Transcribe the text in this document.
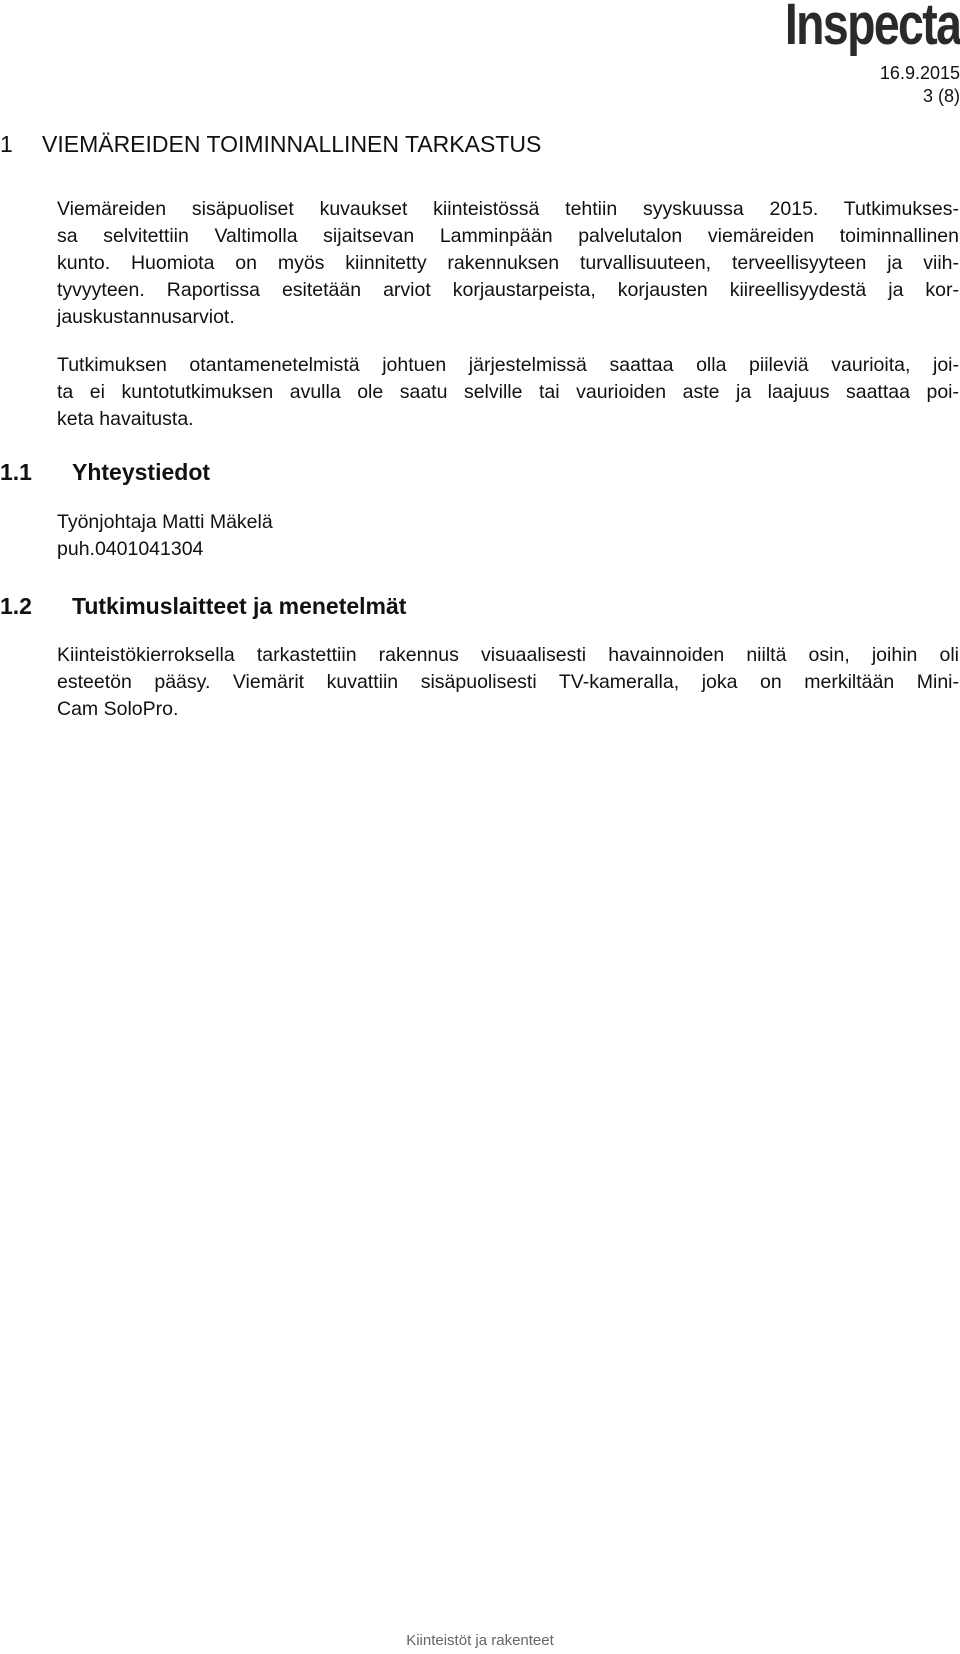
Inspecta
16.9.2015
3 (8)
1	VIEMÄREIDEN TOIMINNALLINEN TARKASTUS

Viemäreiden sisäpuoliset kuvaukset kiinteistössä tehtiin syyskuussa 2015. Tutkimukses-
sa selvitettiin Valtimolla sijaitsevan Lamminpään palvelutalon viemäreiden toiminnallinen
kunto. Huomiota on myös kiinnitetty rakennuksen turvallisuuteen, terveellisyyteen ja viih-
tyvyyteen. Raportissa esitetään arviot korjaustarpeista, korjausten kiireellisyydestä ja kor-
jauskustannusarviot.

Tutkimuksen otantamenetelmistä johtuen järjestelmissä saattaa olla piileviä vaurioita, joi-
ta ei kuntotutkimuksen avulla ole saatu selville tai vaurioiden aste ja laajuus saattaa poi-
keta havaitusta.

1.1	Yhteystiedot

Työnjohtaja Matti Mäkelä
puh.0401041304

1.2	Tutkimuslaitteet ja menetelmät

Kiinteistökierroksella tarkastettiin rakennus visuaalisesti havainnoiden niiltä osin, joihin oli
esteetön pääsy. Viemärit kuvattiin sisäpuolisesti TV-kameralla, joka on merkiltään Mini-
Cam SoloPro.

Kiinteistöt ja rakenteet
